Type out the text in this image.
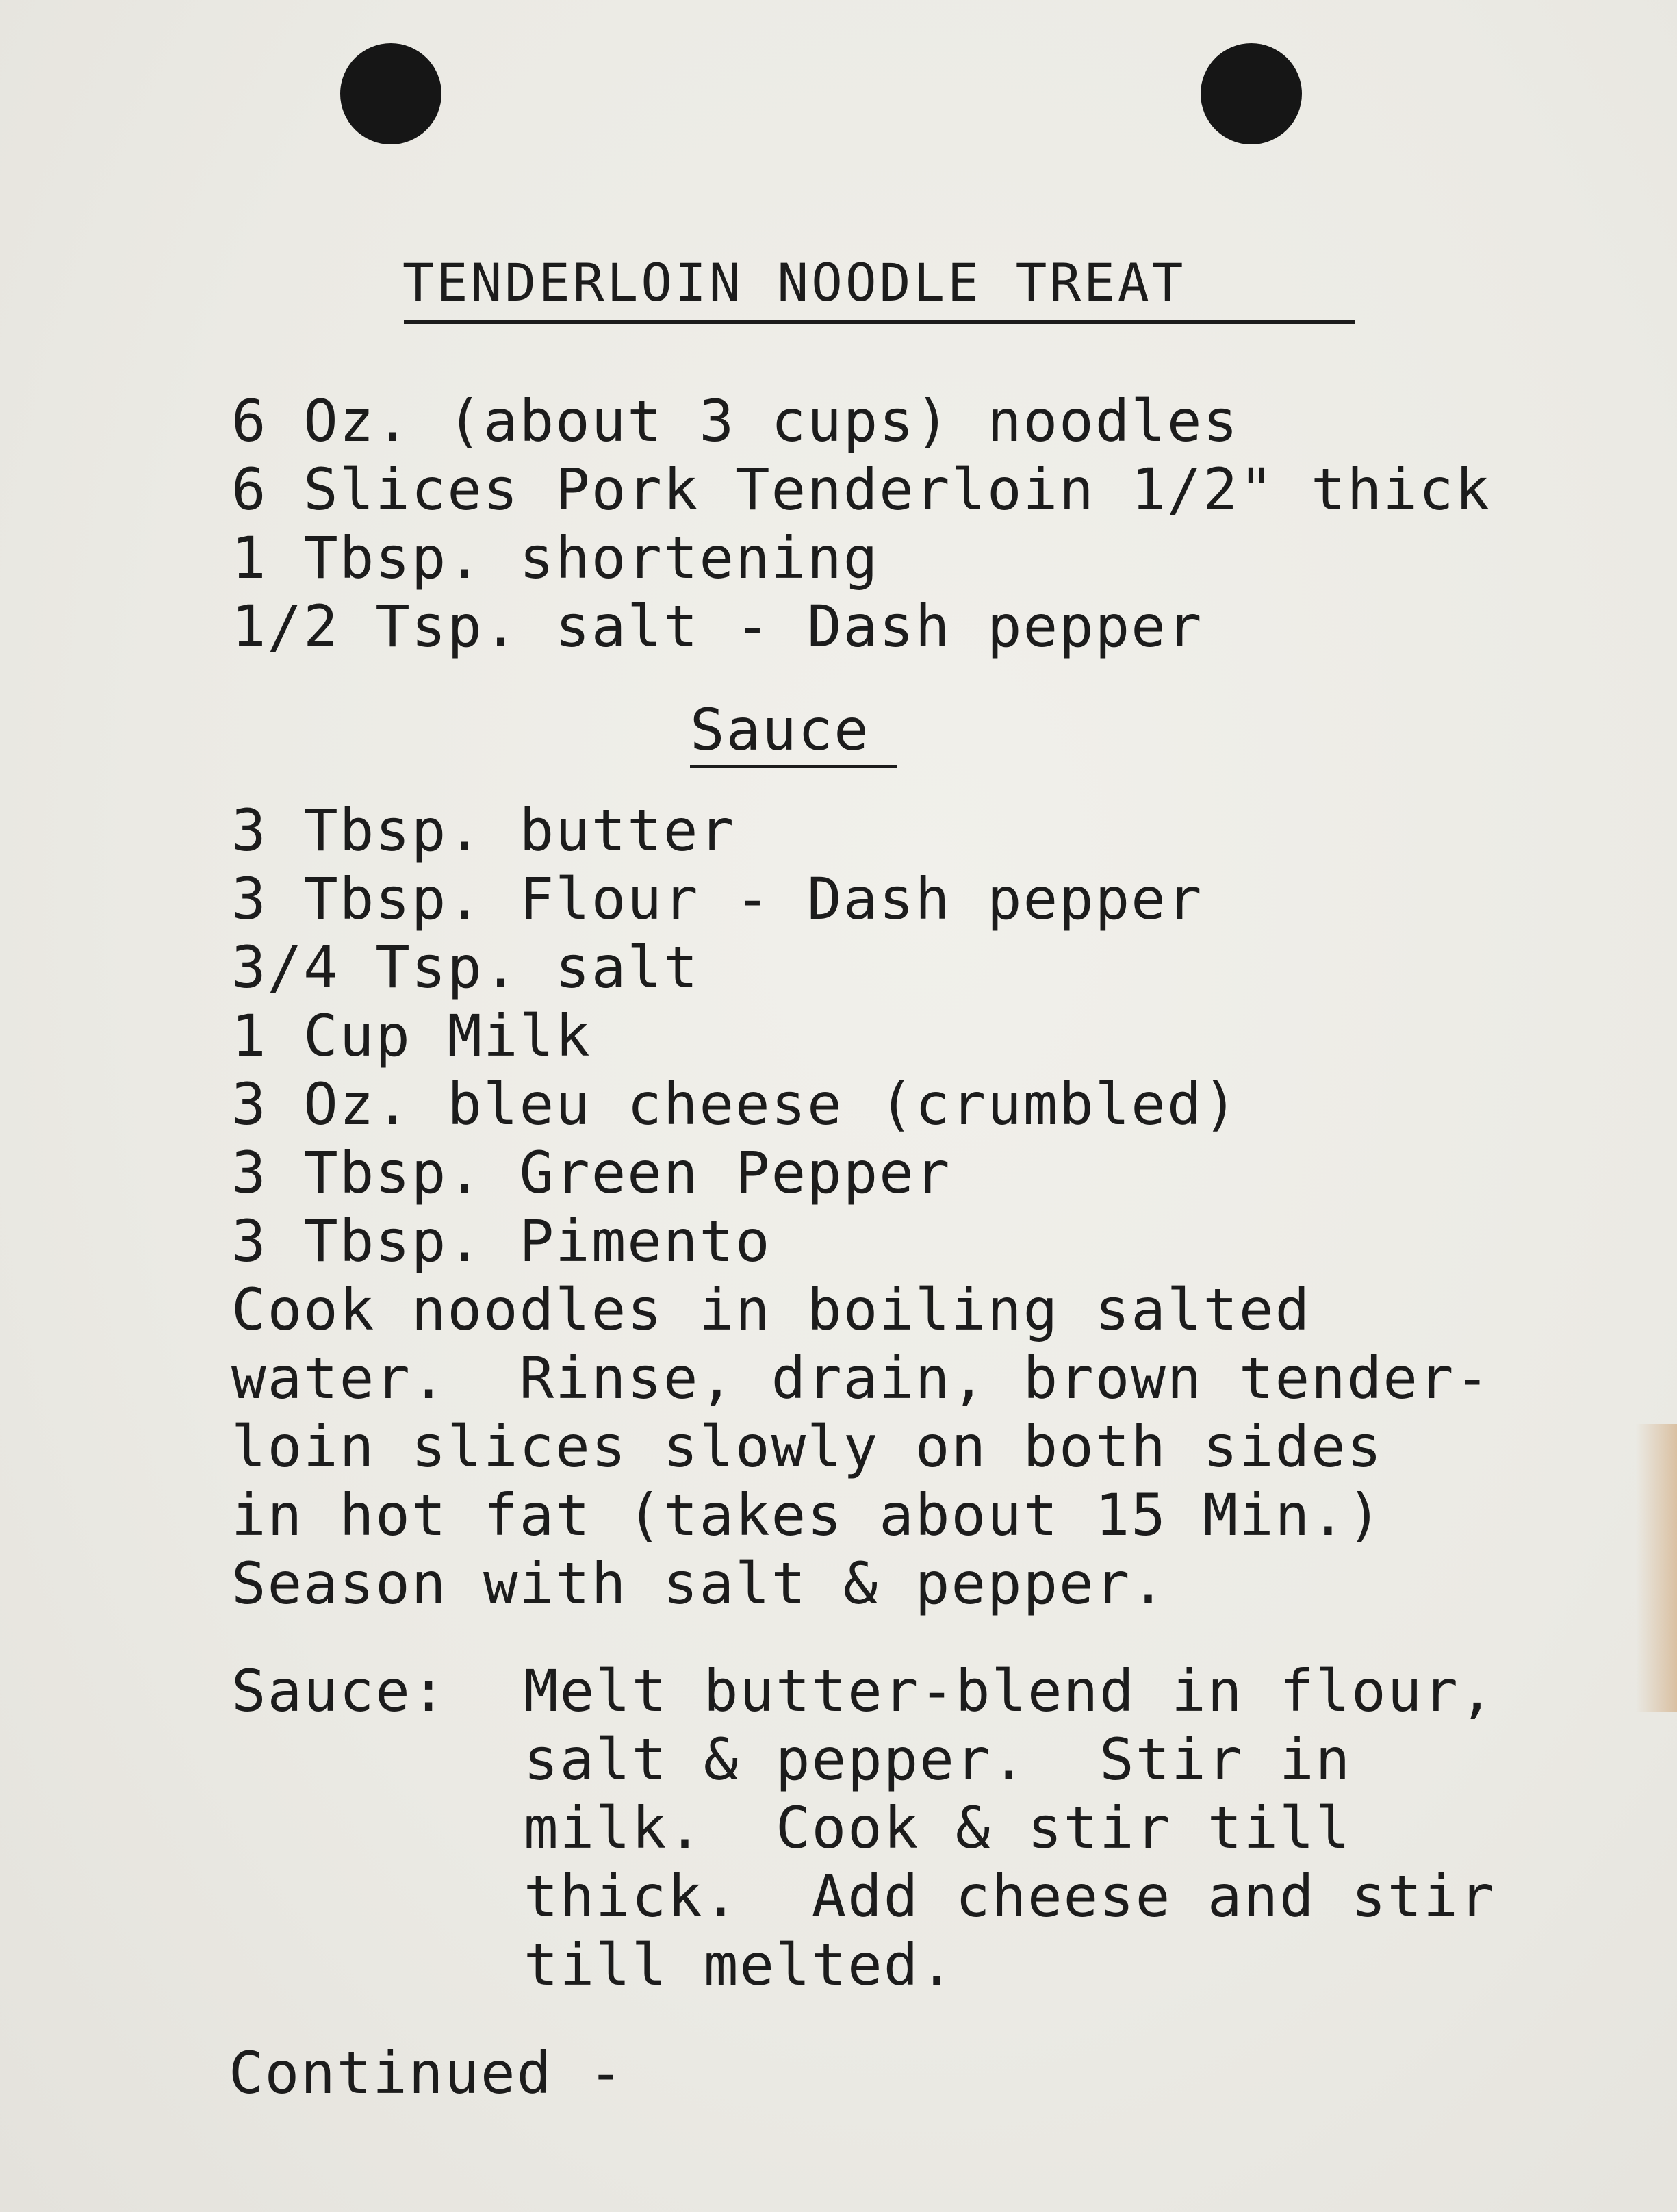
TENDERLOIN NOODLE TREAT
6 Oz. (about 3 cups) noodles
6 Slices Pork Tenderloin 1/2" thick
1 Tbsp. shortening
1/2 Tsp. salt - Dash pepper
Sauce
3 Tbsp. butter
3 Tbsp. Flour - Dash pepper
3/4 Tsp. salt
1 Cup Milk
3 Oz. bleu cheese (crumbled)
3 Tbsp. Green Pepper
3 Tbsp. Pimento
Cook noodles in boiling salted
water.  Rinse, drain, brown tender-
loin slices slowly on both sides
in hot fat (takes about 15 Min.)
Season with salt & pepper.
Sauce: Melt butter-blend in flour,
salt & pepper.  Stir in
milk.  Cook & stir till
thick.  Add cheese and stir
till melted.
Continued -
